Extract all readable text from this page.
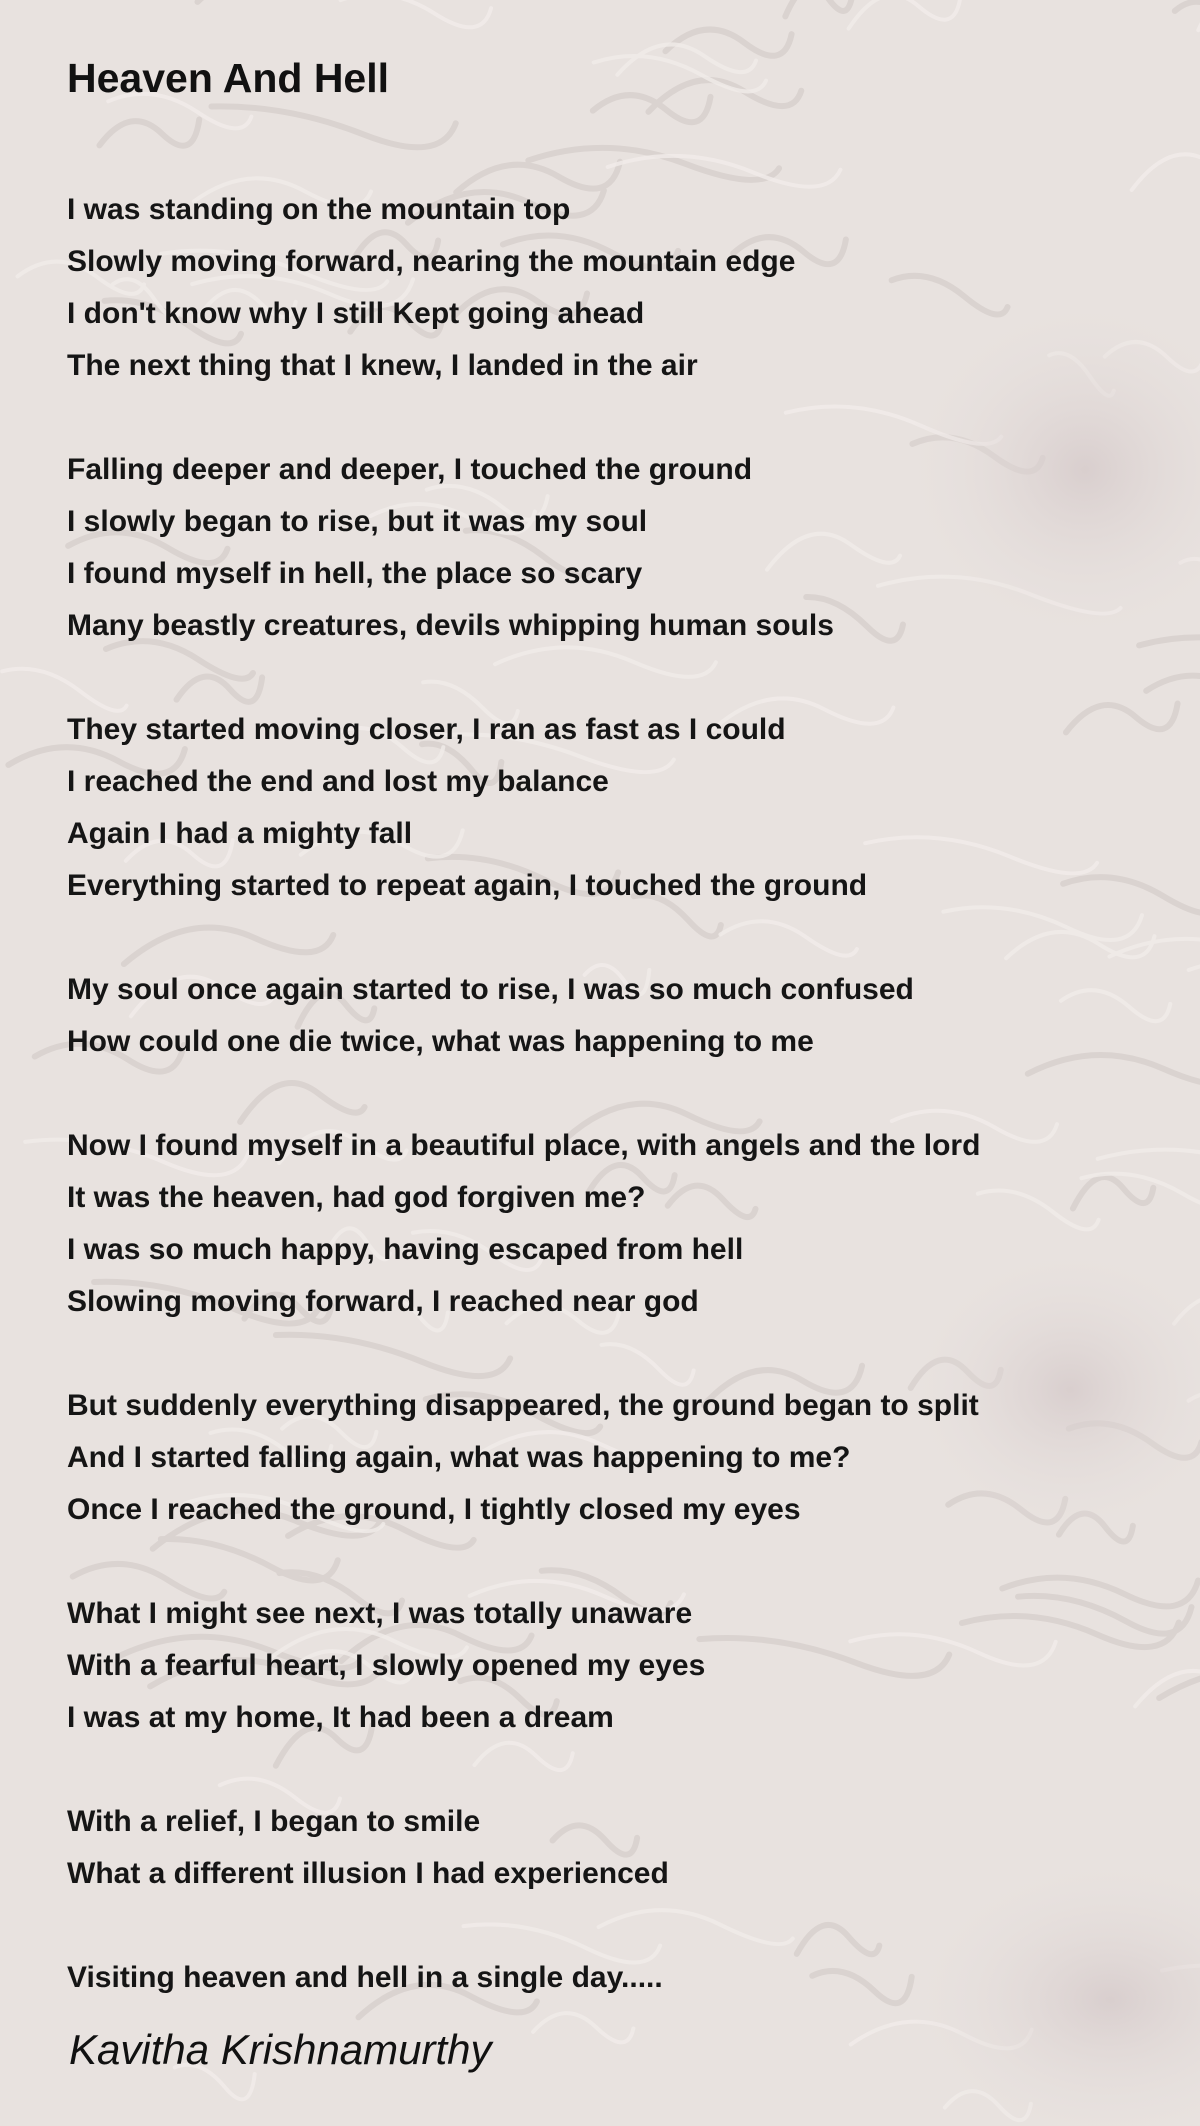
Heaven And Hell
I was standing on the mountain top
Slowly moving forward, nearing the mountain edge
I don't know why I still Kept going ahead
The next thing that I knew, I landed in the air
Falling deeper and deeper, I touched the ground
I slowly began to rise, but it was my soul
I found myself in hell, the place so scary
Many beastly creatures, devils whipping human souls
They started moving closer, I ran as fast as I could
I reached the end and lost my balance
Again I had a mighty fall
Everything started to repeat again, I touched the ground
My soul once again started to rise, I was so much confused
How could one die twice, what was happening to me
Now I found myself in a beautiful place, with angels and the lord
It was the heaven, had god forgiven me?
I was so much happy, having escaped from hell
Slowing moving forward, I reached near god
But suddenly everything disappeared, the ground began to split
And I started falling again, what was happening to me?
Once I reached the ground, I tightly closed my eyes
What I might see next, I was totally unaware
With a fearful heart, I slowly opened my eyes
I was at my home, It had been a dream
With a relief, I began to smile
What a different illusion I had experienced
Visiting heaven and hell in a single day.....
Kavitha Krishnamurthy
